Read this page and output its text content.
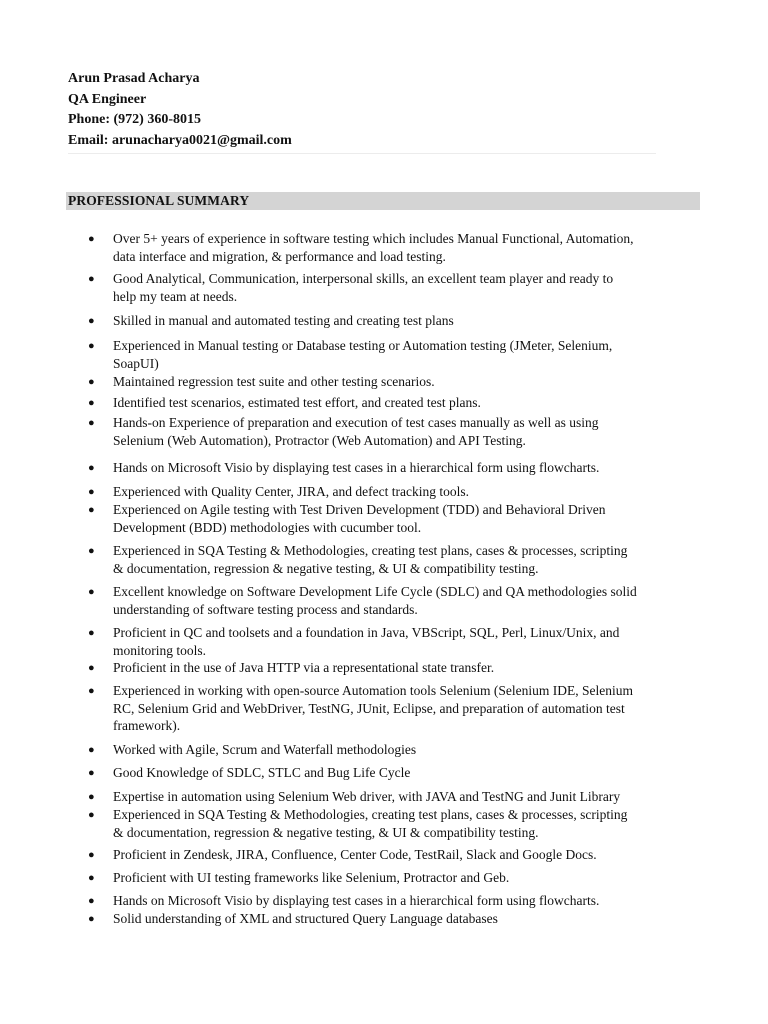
Arun Prasad Acharya
QA Engineer
Phone: (972) 360-8015
Email: arunacharya0021@gmail.com
PROFESSIONAL SUMMARY
● Over 5+ years of experience in software testing which includes Manual Functional, Automation,
data interface and migration, & performance and load testing.
● Good Analytical, Communication, interpersonal skills, an excellent team player and ready to
help my team at needs.
● Skilled in manual and automated testing and creating test plans
● Experienced in Manual testing or Database testing or Automation testing (JMeter, Selenium,
SoapUI)
● Maintained regression test suite and other testing scenarios.
● Identified test scenarios, estimated test effort, and created test plans.
● Hands-on Experience of preparation and execution of test cases manually as well as using
Selenium (Web Automation), Protractor (Web Automation) and API Testing.
● Hands on Microsoft Visio by displaying test cases in a hierarchical form using flowcharts.
● Experienced with Quality Center, JIRA, and defect tracking tools.
● Experienced on Agile testing with Test Driven Development (TDD) and Behavioral Driven
Development (BDD) methodologies with cucumber tool.
● Experienced in SQA Testing & Methodologies, creating test plans, cases & processes, scripting
& documentation, regression & negative testing, & UI & compatibility testing.
● Excellent knowledge on Software Development Life Cycle (SDLC) and QA methodologies solid
understanding of software testing process and standards.
● Proficient in QC and toolsets and a foundation in Java, VBScript, SQL, Perl, Linux/Unix, and
monitoring tools.
● Proficient in the use of Java HTTP via a representational state transfer.
● Experienced in working with open-source Automation tools Selenium (Selenium IDE, Selenium
RC, Selenium Grid and WebDriver, TestNG, JUnit, Eclipse, and preparation of automation test
framework).
● Worked with Agile, Scrum and Waterfall methodologies
● Good Knowledge of SDLC, STLC and Bug Life Cycle
● Expertise in automation using Selenium Web driver, with JAVA and TestNG and Junit Library
● Experienced in SQA Testing & Methodologies, creating test plans, cases & processes, scripting
& documentation, regression & negative testing, & UI & compatibility testing.
● Proficient in Zendesk, JIRA, Confluence, Center Code, TestRail, Slack and Google Docs.
● Proficient with UI testing frameworks like Selenium, Protractor and Geb.
● Hands on Microsoft Visio by displaying test cases in a hierarchical form using flowcharts.
● Solid understanding of XML and structured Query Language databases
